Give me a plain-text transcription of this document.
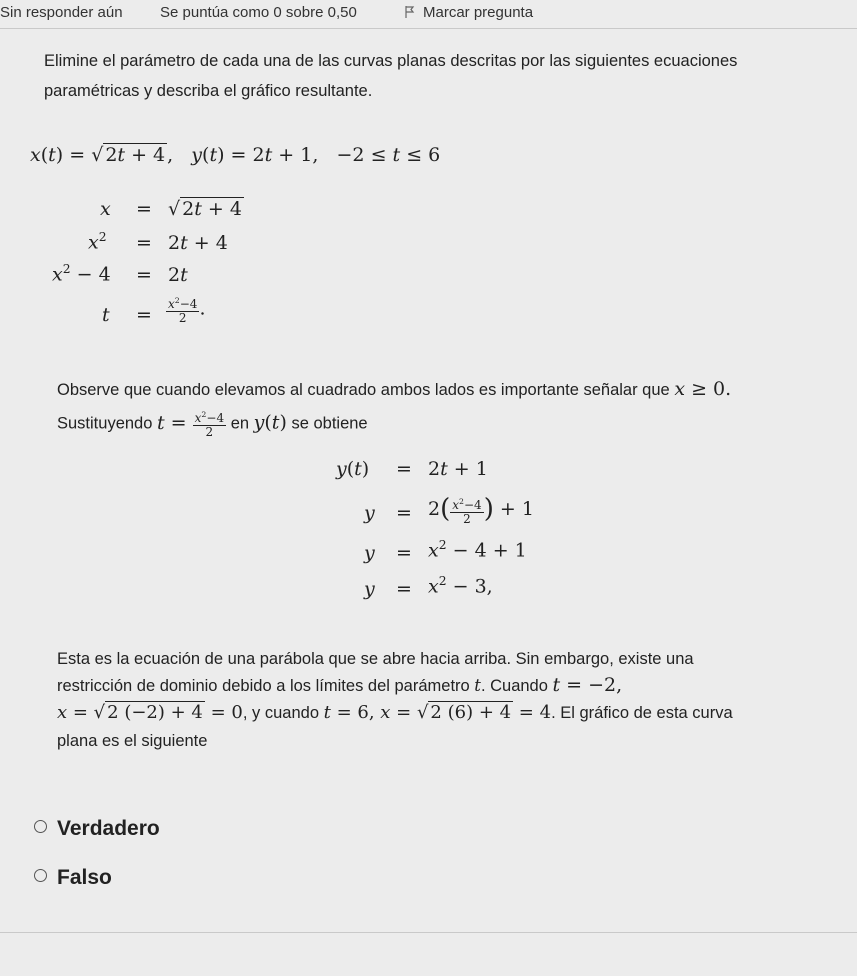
Sin responder aún Se puntúa como 0 sobre 0,50	Marcar pregunta
Elimine el parámetro de cada una de las curvas planas descritas por las siguientes ecuaciones
paramétricas y describa el gráfico resultante.
x(t) = √ 2t + 4 ,   y(t) = 2t + 1, −2 ≤ t ≤ 6
x = √ 2t + 4
$x^2 = 2t + 4$
$x^2 - 4 = 2t$
$t = \frac{x^2-4}{2}$ .
Observe que cuando elevamos al cuadrado ambos lados es importante señalar que x ≥ 0.
Sustituyendo $t = \frac{x^2-4}{2}$ en y(t) se obtiene
y(t) = 2t + 1
$y = 2( \frac{x^2-4}{2}$ ) + 1
$y = x^2 - 4 + 1$
$y = x^2 - 3$,
Esta es la ecuación de una parábola que se abre hacia arriba. Sin embargo, existe una
restricción de dominio debido a los límites del parámetro t. Cuando t = −2,
x = √ 2 (−2) + 4 = 0, y cuando t = 6, x = √ 2 (6) + 4 = 4. El gráfico de esta curva
plana es el siguiente
Verdadero
Falso
